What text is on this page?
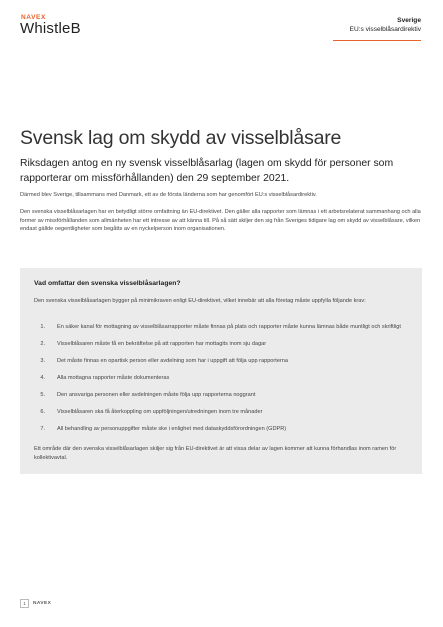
NAVEX
WhistleB	Sverige
EU:s visselblåsardirektiv
Svensk lag om skydd av visselblåsare
Riksdagen antog en ny svensk visselblåsarlag (lagen om skydd för personer som rapporterar om missförhållanden) den 29 september 2021.

Därmed blev Sverige, tillsammans med Danmark, ett av de första länderna som har genomfört EU:s visselblåsardirektiv.

Den svenska visselblåsarlagen har en betydligt större omfattning än EU-direktivet. Den gäller alla rapporter som lämnas i ett arbetsrelaterat sammanhang och alla former av missförhållanden som allmänheten har ett intresse av att känna till. På så sätt skiljer den sig från Sveriges tidigare lag om skydd av visselblåsare, vilken endast gällde oegentligheter som begåtts av en nyckelperson inom organisationen.

Vad omfattar den svenska visselblåsarlagen?
Den svenska visselblåsarlagen bygger på minimikraven enligt EU-direktivet, vilket innebär att alla företag måste uppfylla följande krav:
1.	En säker kanal för mottagning av visselblåsarrapporter måste finnas på plats och rapporter måste kunna lämnas både muntligt och skriftligt
2.	Visselblåsaren måste få en bekräftelse på att rapporten har mottagits inom sju dagar
3.	Det måste finnas en opartisk person eller avdelning som har i uppgift att följa upp rapporterna
4.	Alla mottagna rapporter måste dokumenteras
5.	Den ansvariga personen eller avdelningen måste följa upp rapporterna noggrant
6.	Visselblåsaren ska få återkoppling om uppföljningen/utredningen inom tre månader
7.	All behandling av personuppgifter måste ske i enlighet med dataskyddsförordningen (GDPR)
Ett område där den svenska visselblåsarlagen skiljer sig från EU-direktivet är att vissa delar av lagen kommer att kunna förhandlas inom ramen för kollektivavtal.
1	NAVEX
